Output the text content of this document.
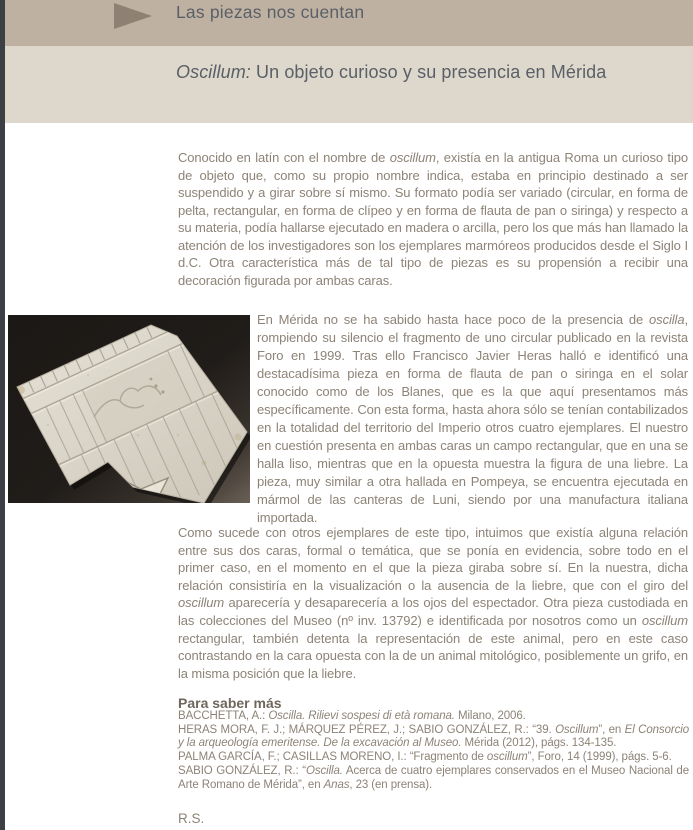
Las piezas nos cuentan
Oscillum: Un objeto curioso y su presencia en Mérida

Conocido en latín con el nombre de oscillum, existía en la antigua Roma un curioso tipo de objeto que, como su propio nombre indica, estaba en principio destinado a ser suspendido y a girar sobre sí mismo. Su formato podía ser variado (circular, en forma de pelta, rectangular, en forma de clípeo y en forma de flauta de pan o siringa) y respecto a su materia, podía hallarse ejecutado en madera o arcilla, pero los que más han llamado la atención de los investigadores son los ejemplares marmóreos producidos desde el Siglo I d.C. Otra característica más de tal tipo de piezas es su propensión a recibir una decoración figurada por ambas caras.

En Mérida no se ha sabido hasta hace poco de la presencia de oscilla, rompiendo su silencio el fragmento de uno circular publicado en la revista Foro en 1999. Tras ello Francisco Javier Heras halló e identificó una destacadísima pieza en forma de flauta de pan o siringa en el solar conocido como de los Blanes, que es la que aquí presentamos más específicamente. Con esta forma, hasta ahora sólo se tenían contabilizados en la totalidad del territorio del Imperio otros cuatro ejemplares. El nuestro en cuestión presenta en ambas caras un campo rectangular, que en una se halla liso, mientras que en la opuesta muestra la figura de una liebre. La pieza, muy similar a otra hallada en Pompeya, se encuentra ejecutada en mármol de las canteras de Luni, siendo por una manufactura italiana importada.

Como sucede con otros ejemplares de este tipo, intuimos que existía alguna relación entre sus dos caras, formal o temática, que se ponía en evidencia, sobre todo en el primer caso, en el momento en el que la pieza giraba sobre sí. En la nuestra, dicha relación consistiría en la visualización o la ausencia de la liebre, que con el giro del oscillum aparecería y desaparecería a los ojos del espectador. Otra pieza custodiada en las colecciones del Museo (nº inv. 13792) e identificada por nosotros como un oscillum rectangular, también detenta la representación de este animal, pero en este caso contrastando en la cara opuesta con la de un animal mitológico, posiblemente un grifo, en la misma posición que la liebre.

Para saber más

BACCHETTA, A.: Oscilla. Rilievi sospesi di età romana. Milano, 2006.

HERAS MORA, F. J.; MÁRQUEZ PÉREZ, J.; SABIO GONZÁLEZ, R.: “39. Oscillum”, en El Consorcio y la arqueología emeritense. De la excavación al Museo. Mérida (2012), págs. 134-135.

PALMA GARCÍA, F.; CASILLAS MORENO, I.: “Fragmento de oscillum”, Foro, 14 (1999), págs. 5-6.

SABIO GONZÁLEZ, R.: “Oscilla. Acerca de cuatro ejemplares conservados en el Museo Nacional de Arte Romano de Mérida”, en Anas, 23 (en prensa).

R.S.
